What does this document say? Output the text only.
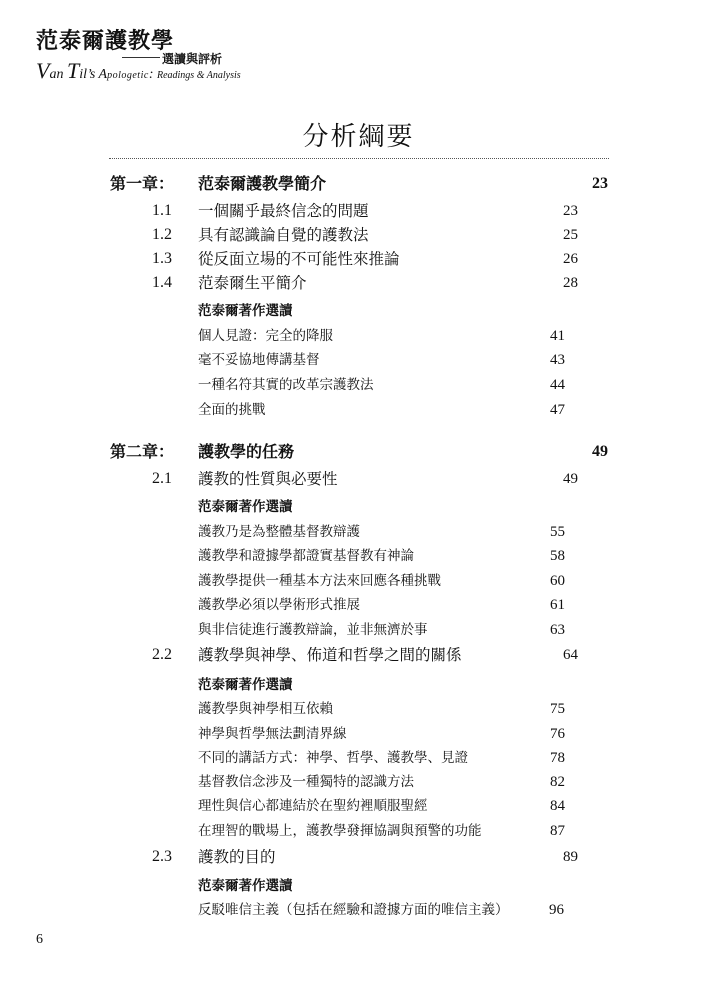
范泰爾護教學
選讀與評析
Van Til’s Apologetic: Readings & Analysis
分析綱要
第一章： 范泰爾護教學簡介	23
1.1 一個關乎最終信念的問題	23
1.2 具有認識論自覺的護教法	25
1.3 從反面立場的不可能性來推論	26
1.4 范泰爾生平簡介	28
范泰爾著作選讀
個人見證：完全的降服	41
毫不妥協地傳講基督	43
一種名符其實的改革宗護教法	44
全面的挑戰	47
第二章： 護教學的任務	49
2.1 護教的性質與必要性	49
范泰爾著作選讀
護教乃是為整體基督教辯護	55
護教學和證據學都證實基督教有神論	58
護教學提供一種基本方法來回應各種挑戰	60
護教學必須以學術形式推展	61
與非信徒進行護教辯論，並非無濟於事	63
2.2 護教學與神學、佈道和哲學之間的關係	64
范泰爾著作選讀
護教學與神學相互依賴	75
神學與哲學無法劃清界線	76
不同的講話方式：神學、哲學、護教學、見證	78
基督教信念涉及一種獨特的認識方法	82
理性與信心都連結於在聖約裡順服聖經	84
在理智的戰場上，護教學發揮協調與預警的功能	87
2.3 護教的目的	89
范泰爾著作選讀
反駁唯信主義（包括在經驗和證據方面的唯信主義）	96
6
